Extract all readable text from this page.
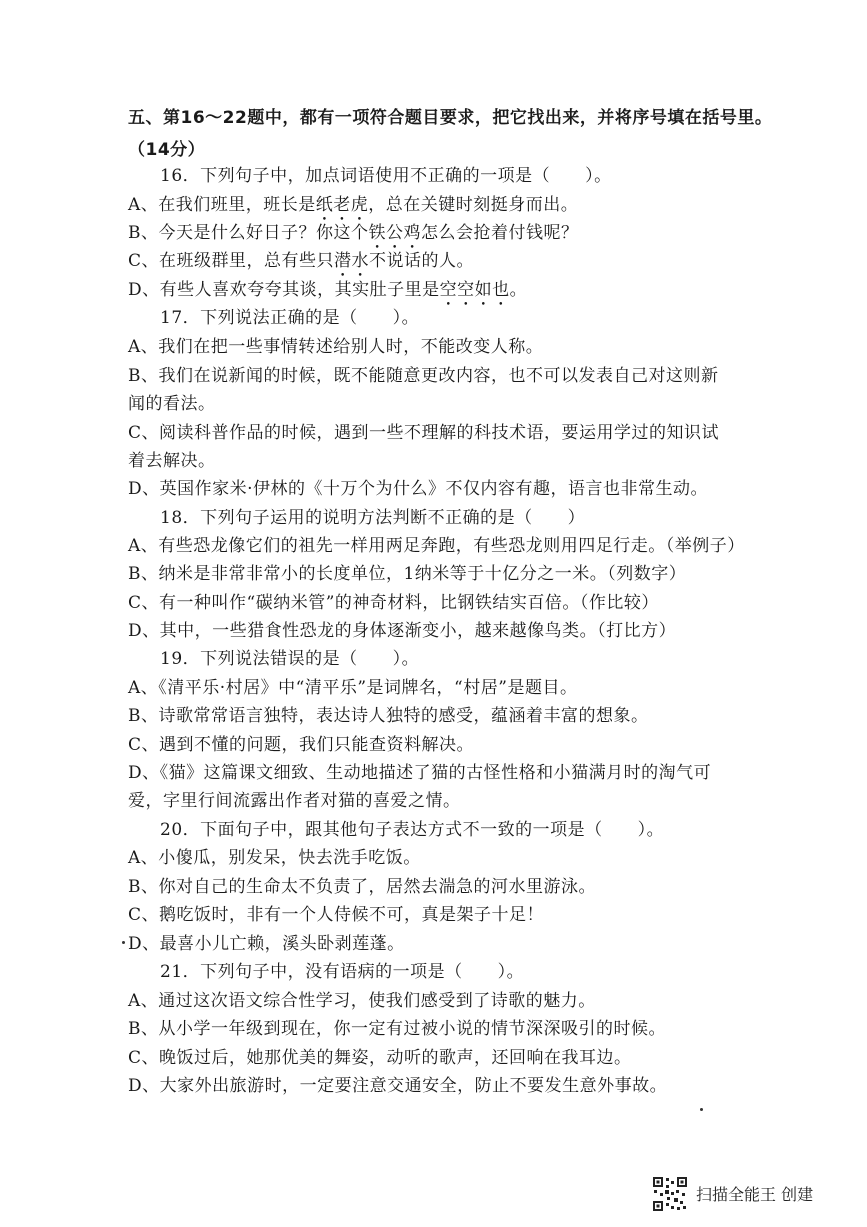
五、第16～22题中，都有一项符合题目要求，把它找出来，并将序号填在括号里。
（14分）
16．下列句子中，加点词语使用不正确的一项是（　　）。
A、在我们班里，班长是纸老虎，总在关键时刻挺身而出。
B、今天是什么好日子？你这个铁公鸡怎么会抢着付钱呢？
C、在班级群里，总有些只潜水不说话的人。
D、有些人喜欢夸夸其谈，其实肚子里是空空如也。
17．下列说法正确的是（　　）。
A、我们在把一些事情转述给别人时，不能改变人称。
B、我们在说新闻的时候，既不能随意更改内容，也不可以发表自己对这则新
闻的看法。
C、阅读科普作品的时候，遇到一些不理解的科技术语，要运用学过的知识试
着去解决。
D、英国作家米·伊林的《十万个为什么》不仅内容有趣，语言也非常生动。
18．下列句子运用的说明方法判断不正确的是（　　）
A、有些恐龙像它们的祖先一样用两足奔跑，有些恐龙则用四足行走。（举例子）
B、纳米是非常非常小的长度单位，1纳米等于十亿分之一米。（列数字）
C、有一种叫作“碳纳米管”的神奇材料，比钢铁结实百倍。（作比较）
D、其中，一些猎食性恐龙的身体逐渐变小，越来越像鸟类。（打比方）
19．下列说法错误的是（　　）。
A、《清平乐·村居》中“清平乐”是词牌名，“村居”是题目。
B、诗歌常常语言独特，表达诗人独特的感受，蕴涵着丰富的想象。
C、遇到不懂的问题，我们只能查资料解决。
D、《猫》这篇课文细致、生动地描述了猫的古怪性格和小猫满月时的淘气可
爱，字里行间流露出作者对猫的喜爱之情。
20．下面句子中，跟其他句子表达方式不一致的一项是（　　）。
A、小傻瓜，别发呆，快去洗手吃饭。
B、你对自己的生命太不负责了，居然去湍急的河水里游泳。
C、鹅吃饭时，非有一个人侍候不可，真是架子十足！
D、最喜小儿亡赖，溪头卧剥莲蓬。
21．下列句子中，没有语病的一项是（　　）。
A、通过这次语文综合性学习，使我们感受到了诗歌的魅力。
B、从小学一年级到现在，你一定有过被小说的情节深深吸引的时候。
C、晚饭过后，她那优美的舞姿，动听的歌声，还回响在我耳边。
D、大家外出旅游时，一定要注意交通安全，防止不要发生意外事故。
扫描全能王 创建
